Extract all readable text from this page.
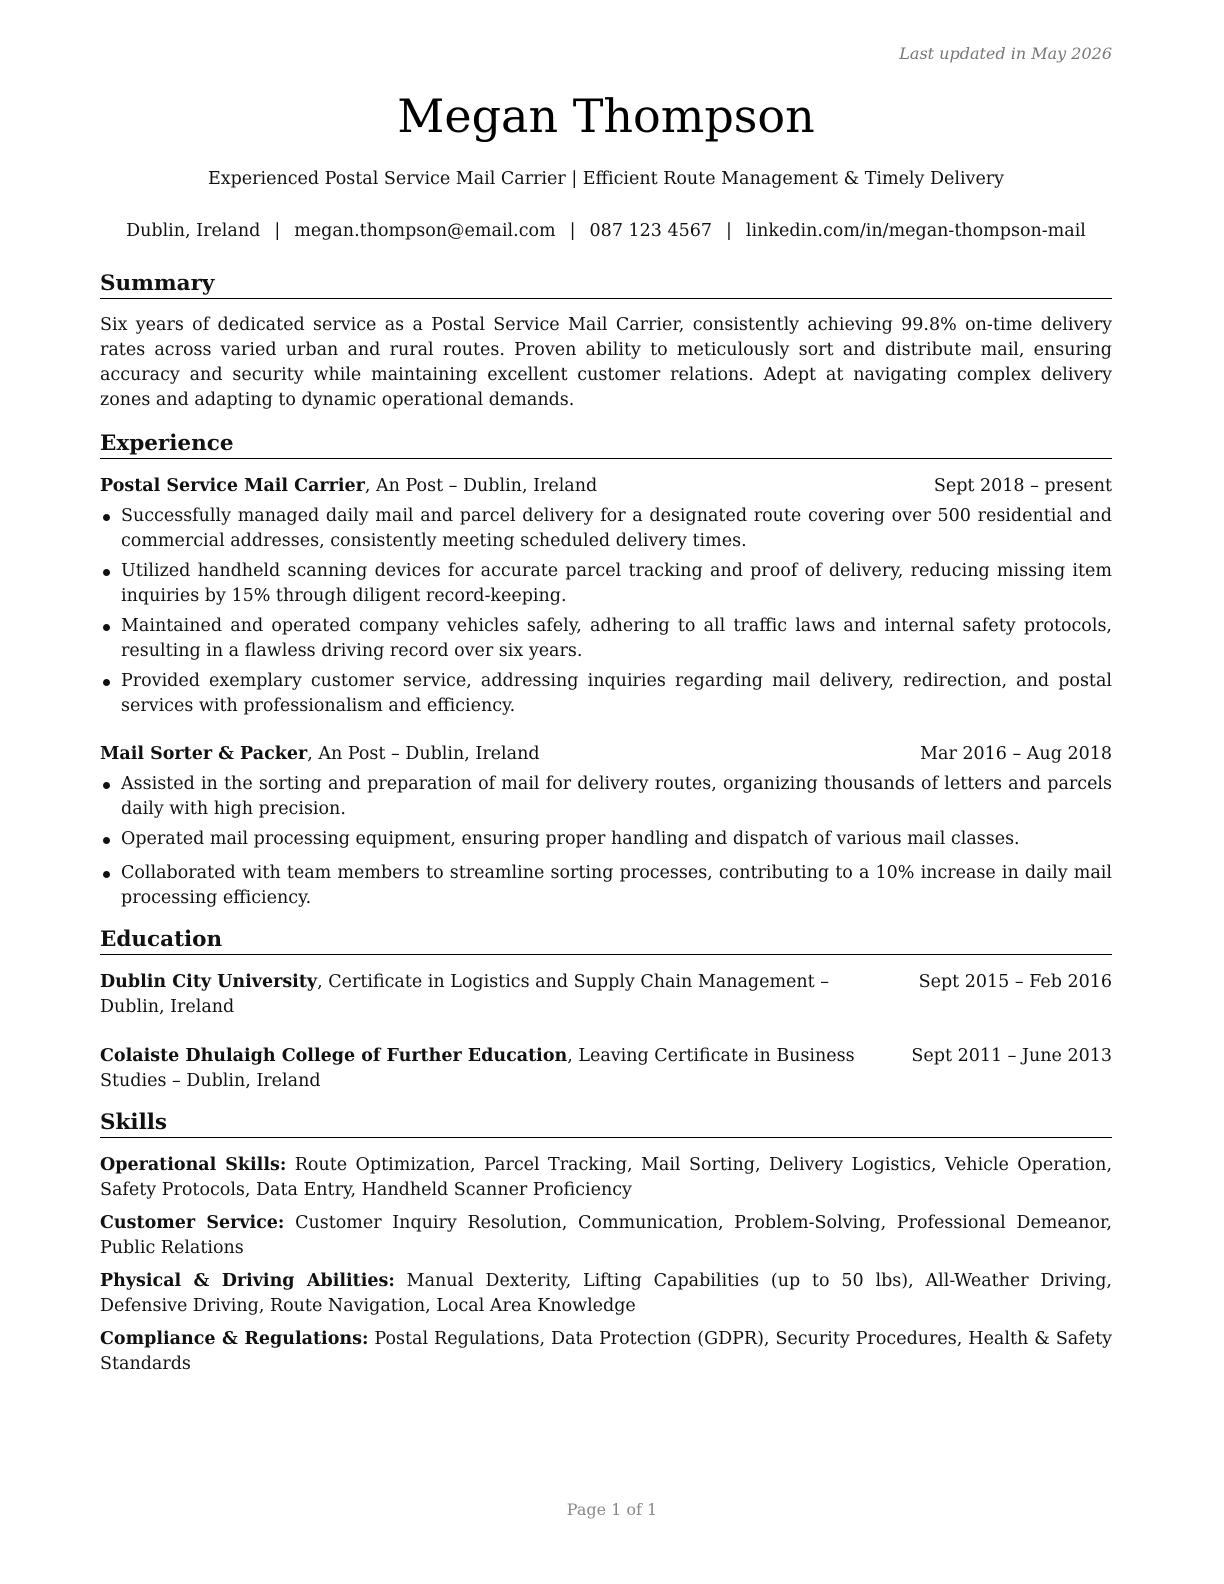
Last updated in May 2026
Megan Thompson
Experienced Postal Service Mail Carrier | Efficient Route Management & Timely Delivery
Dublin, Ireland | megan.thompson@email.com | 087 123 4567 | linkedin.com/in/megan-thompson-mail
Summary
Six years of dedicated service as a Postal Service Mail Carrier, consistently achieving 99.8% on-time delivery rates across varied urban and rural routes. Proven ability to meticulously sort and distribute mail, ensuring accuracy and security while maintaining excellent customer relations. Adept at navigating complex delivery zones and adapting to dynamic operational demands.
Experience
Postal Service Mail Carrier, An Post – Dublin, Ireland	Sept 2018 – present
Successfully managed daily mail and parcel delivery for a designated route covering over 500 residential and commercial addresses, consistently meeting scheduled delivery times.
Utilized handheld scanning devices for accurate parcel tracking and proof of delivery, reducing missing item inquiries by 15% through diligent record-keeping.
Maintained and operated company vehicles safely, adhering to all traffic laws and internal safety protocols, resulting in a flawless driving record over six years.
Provided exemplary customer service, addressing inquiries regarding mail delivery, redirection, and postal services with professionalism and efficiency.
Mail Sorter & Packer, An Post – Dublin, Ireland	Mar 2016 – Aug 2018
Assisted in the sorting and preparation of mail for delivery routes, organizing thousands of letters and parcels daily with high precision.
Operated mail processing equipment, ensuring proper handling and dispatch of various mail classes.
Collaborated with team members to streamline sorting processes, contributing to a 10% increase in daily mail processing efficiency.
Education
Dublin City University, Certificate in Logistics and Supply Chain Management – Dublin, Ireland
Sept 2015 – Feb 2016
Colaiste Dhulaigh College of Further Education, Leaving Certificate in Business Studies – Dublin, Ireland
Sept 2011 – June 2013
Skills
Operational Skills: Route Optimization, Parcel Tracking, Mail Sorting, Delivery Logistics, Vehicle Operation, Safety Protocols, Data Entry, Handheld Scanner Proficiency
Customer Service: Customer Inquiry Resolution, Communication, Problem-Solving, Professional Demeanor, Public Relations
Physical & Driving Abilities: Manual Dexterity, Lifting Capabilities (up to 50 lbs), All-Weather Driving, Defensive Driving, Route Navigation, Local Area Knowledge
Compliance & Regulations: Postal Regulations, Data Protection (GDPR), Security Procedures, Health & Safety Standards
Page 1 of 1
